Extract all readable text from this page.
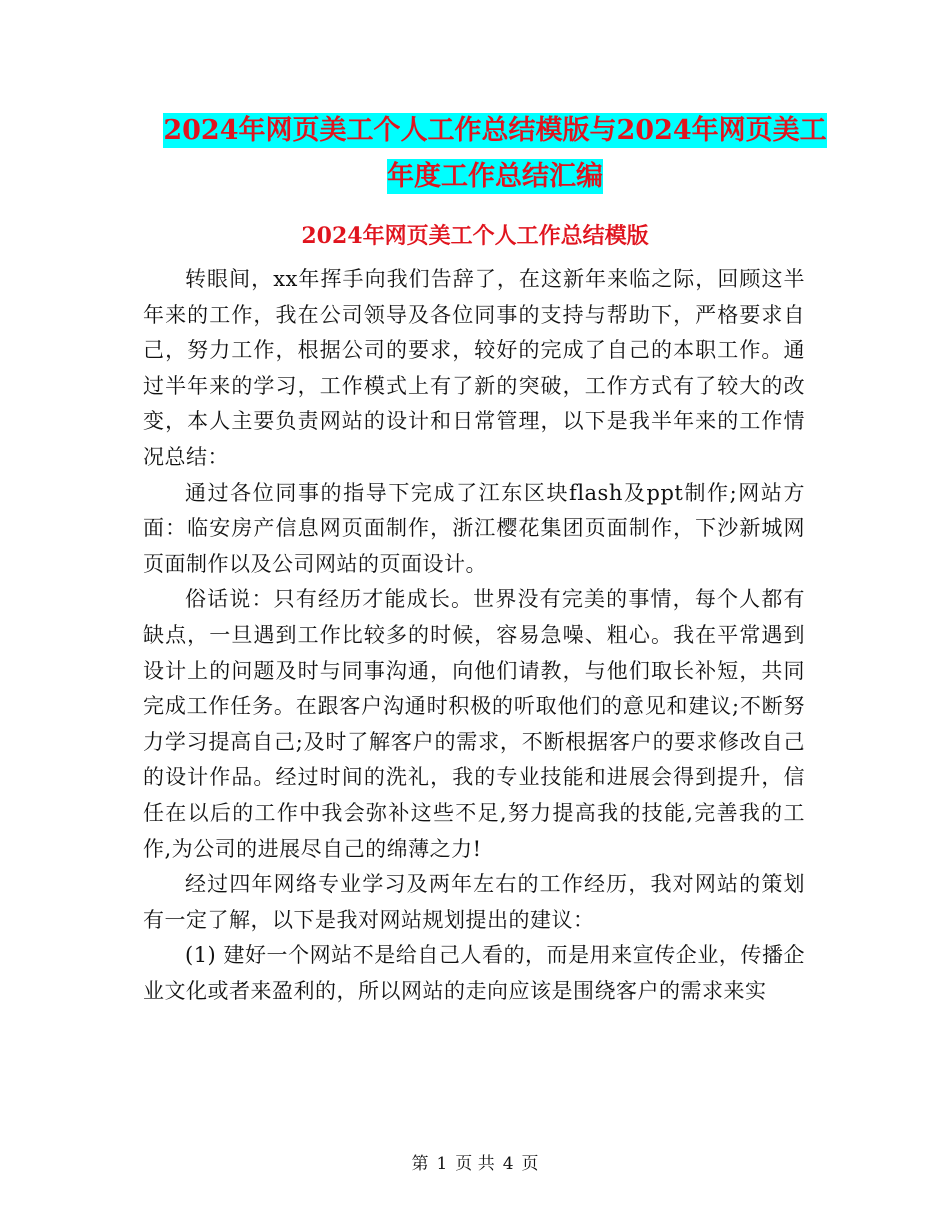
2024年网页美工个人工作总结模版与2024年网页美工
年度工作总结汇编
2024年网页美工个人工作总结模版

转眼间，xx年挥手向我们告辞了，在这新年来临之际，回顾这半年来的工作，我在公司领导及各位同事的支持与帮助下，严格要求自己，努力工作，根据公司的要求，较好的完成了自己的本职工作。通过半年来的学习，工作模式上有了新的突破，工作方式有了较大的改变，本人主要负责网站的设计和日常管理，以下是我半年来的工作情况总结：

通过各位同事的指导下完成了江东区块flash及ppt制作;网站方面：临安房产信息网页面制作，浙江樱花集团页面制作，下沙新城网页面制作以及公司网站的页面设计。

俗话说：只有经历才能成长。世界没有完美的事情，每个人都有缺点，一旦遇到工作比较多的时候，容易急噪、粗心。我在平常遇到设计上的问题及时与同事沟通，向他们请教，与他们取长补短，共同完成工作任务。在跟客户沟通时积极的听取他们的意见和建议;不断努力学习提高自己;及时了解客户的需求，不断根据客户的要求修改自己的设计作品。经过时间的洗礼，我的专业技能和进展会得到提升，信任在以后的工作中我会弥补这些不足,努力提高我的技能,完善我的工作,为公司的进展尽自己的绵薄之力!

经过四年网络专业学习及两年左右的工作经历，我对网站的策划有一定了解，以下是我对网站规划提出的建议：

(1) 建好一个网站不是给自己人看的，而是用来宣传企业，传播企业文化或者来盈利的，所以网站的走向应该是围绕客户的需求来实

第 1 页 共 4 页
